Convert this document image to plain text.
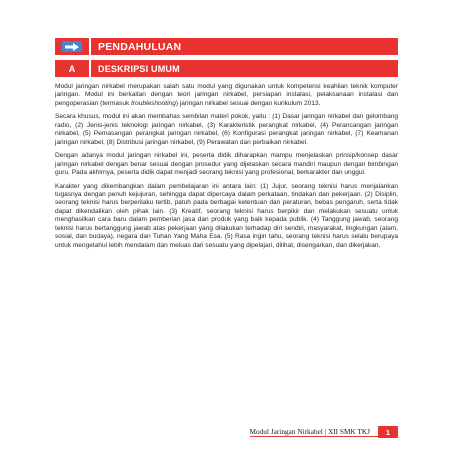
PENDAHULUAN
A	DESKRIPSI UMUM

Modul jaringan nirkabel merupakan salah satu modul yang digunakan untuk kompetensi keahlian teknik komputer jaringan. Modul ini berkaitan dengan teori jaringan nirkabel, persiapan instalasi, pelaksanaan instalasi dan pengoperasian (termasuk troubleshooting) jaringan nirkabel sesuai dengan kurikulum 2013.

Secara khusus, modul ini akan membahas sembilan materi pokok, yaitu : (1) Dasar jaringan nirkabel dan gelombang radio, (2) Jenis-jenis teknologi jaringan nirkabel, (3) Karakteristik perangkat nirkabel, (4) Perancangan jaringan nirkabel, (5) Pemasangan perangkat jaringan nirkabel, (6) Konfigurasi perangkat jaringan nirkabel, (7) Keamanan jaringan nirkabel, (8) Distribusi jaringan nirkabel, (9) Perawatan dan perbaikan nirkabel.

Dengan adanya modul jaringan nirkabel ini, peserta didik diharapkan mampu menjelaskan prinsip/konsep dasar jaringan nirkabel dengan benar sesuai dengan prosedur yang dijelaskan secara mandiri maupun dengan bimbingan guru. Pada akhirnya, peserta didik dapat menjadi seorang teknisi yang profesional, berkarakter dan unggul.

Karakter yang dikembangkan dalam pembelajaran ini antara lain: (1) Jujur, seorang teknisi harus menjalankan tugasnya dengan penuh kejujuran, sehingga dapat dipercaya dalam perkataan, tindakan dan pekerjaan. (2) Disiplin, seorang teknisi harus berperilaku tertib, patuh pada berbagai ketentuan dan peraturan, bebas pengaruh, serta tidak dapat dikendalikan oleh pihak lain. (3) Kreatif, seorang teknisi harus berpikir dan melakukan sesuatu untuk menghasilkan cara baru dalam pemberian jasa dan produk yang baik kepada publik. (4) Tanggung jawab, seorang teknisi harus bertanggung jawab atas pekerjaan yang dilakukan terhadap diri sendiri, masyarakat, lingkungan (alam, sosial, dan budaya), negara dan Tuhan Yang Maha Esa. (5) Rasa ingin tahu, seorang teknisi harus selalu berupaya untuk mengetahui lebih mendalam dan meluas dari sesuatu yang dipelajari, dilihat, disengarkan, dan dikerjakan.

Modul Jaringan Nirkabel | XII SMK TKJ	1
